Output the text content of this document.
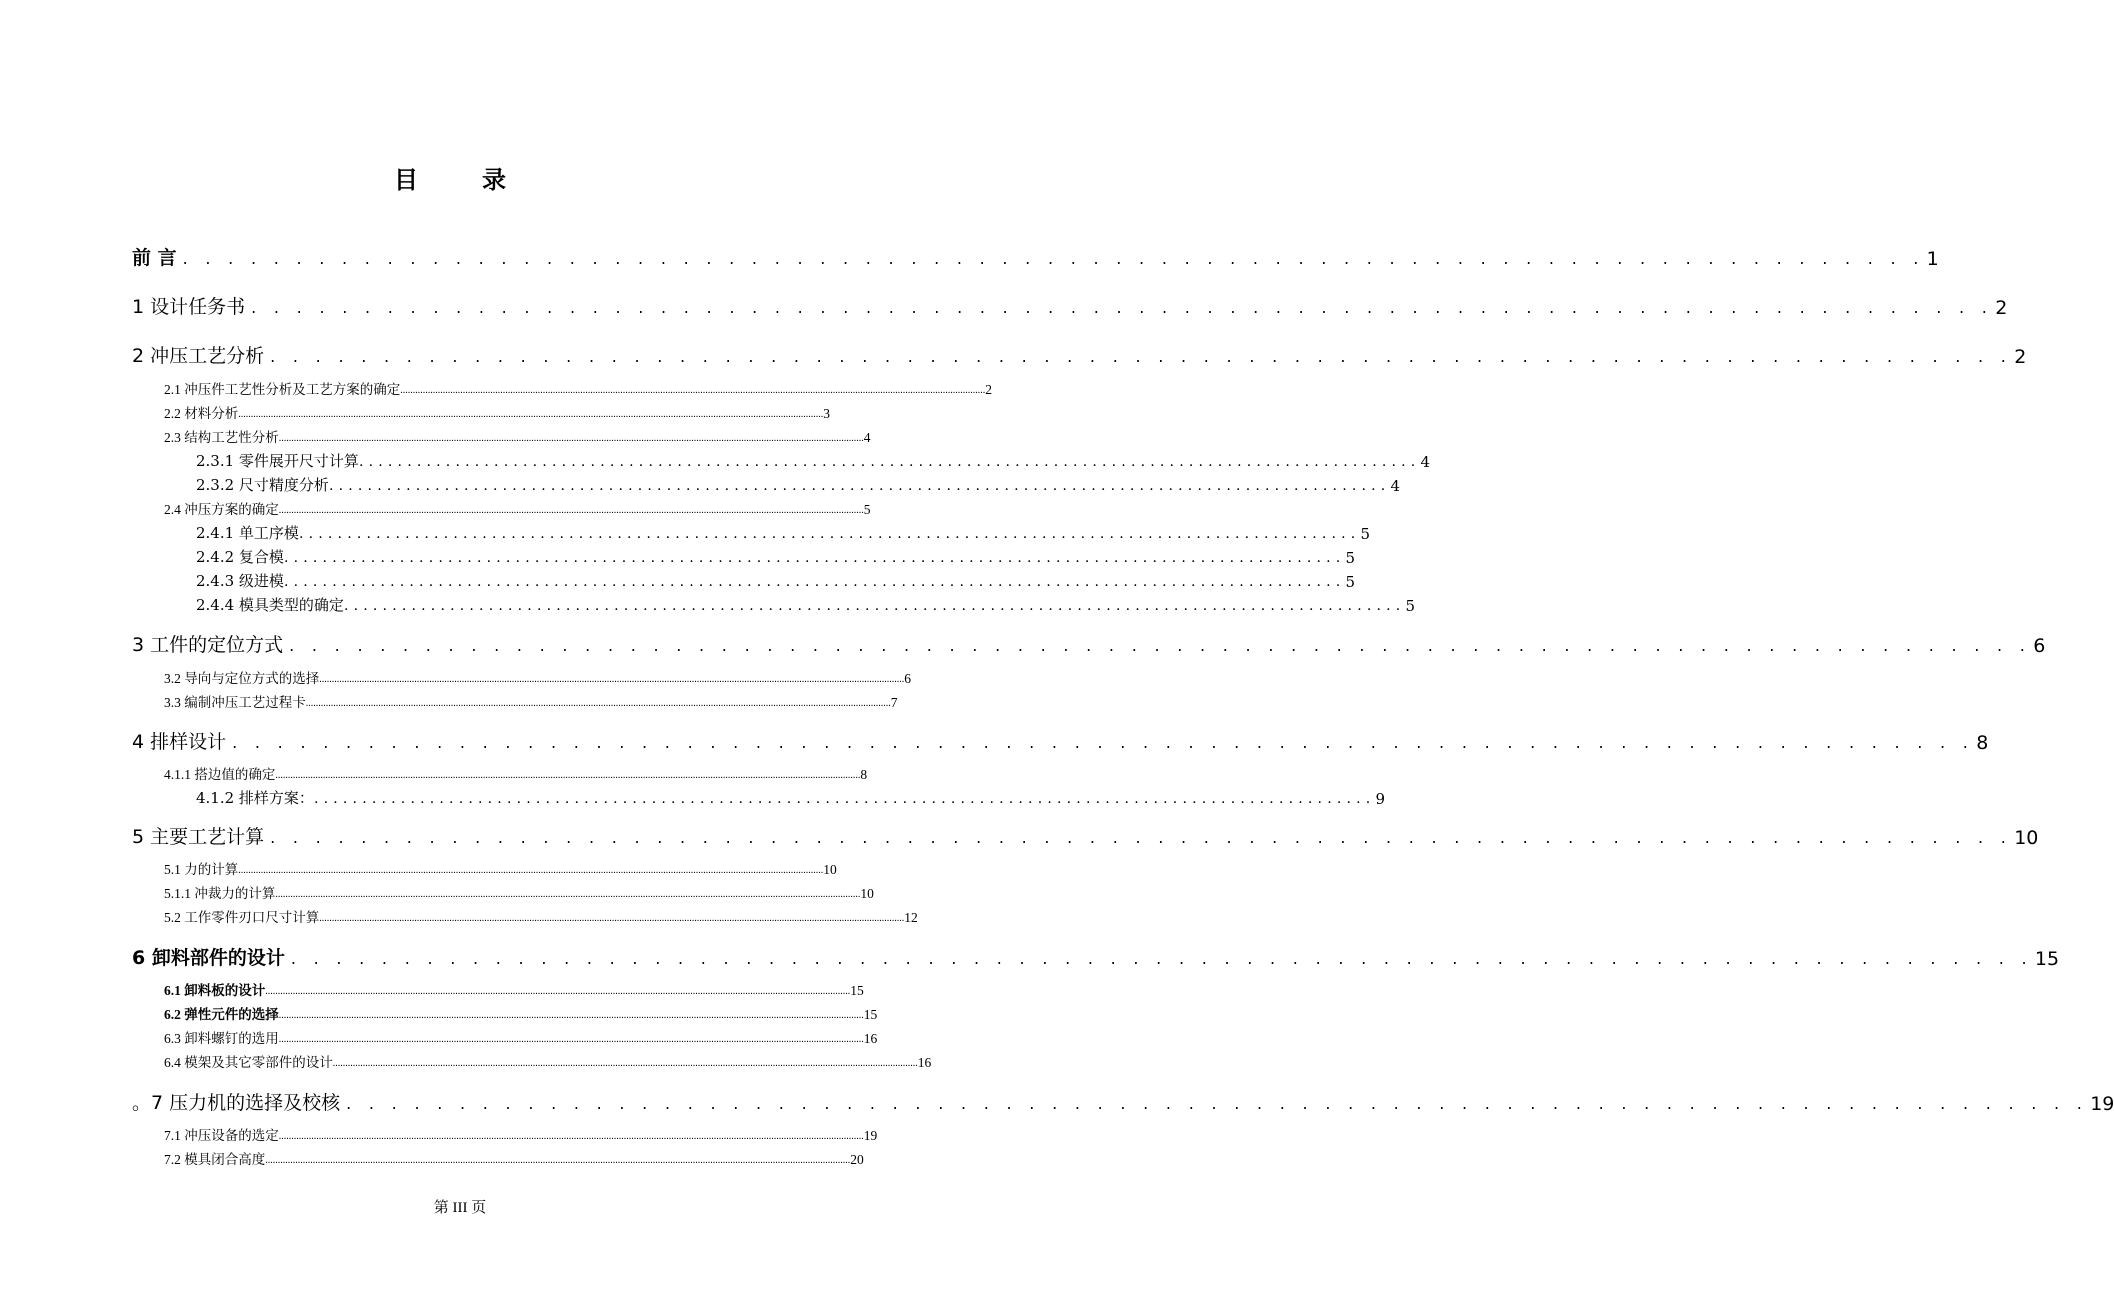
目　录
前 言 . . . . . . . . . . . . . . . . . . . . . . . . . . . . . . . . . . . . . . . . . . . . . . . . . . . . . . . . . . . . . . . . . . . . . . . . . . . . . 1
1 设计任务书 . . . . . . . . . . . . . . . . . . . . . . . . . . . . . . . . . . . . . . . . . . . . . . . . . . . . . . . . . . . . . . . . . . . . . . . . . . . . . 2
2 冲压工艺分析 . . . . . . . . . . . . . . . . . . . . . . . . . . . . . . . . . . . . . . . . . . . . . . . . . . . . . . . . . . . . . . . . . . . . . . . . . . . . . 2
2.1 冲压件工艺性分析及工艺方案的确定 .......................................................................................................................................................................................................................................... 2
2.2 材料分析 .......................................................................................................................................................................................................................................... 3
2.3 结构工艺性分析 .......................................................................................................................................................................................................................................... 4
2.3.1 零件展开尺寸计算 .............................................................................................................. 4
2.3.2 尺寸精度分析 .............................................................................................................. 4
2.4 冲压方案的确定 .......................................................................................................................................................................................................................................... 5
2.4.1 单工序模 .............................................................................................................. 5
2.4.2 复合模 .............................................................................................................. 5
2.4.3 级进模 .............................................................................................................. 5
2.4.4 模具类型的确定 .............................................................................................................. 5
3 工件的定位方式 . . . . . . . . . . . . . . . . . . . . . . . . . . . . . . . . . . . . . . . . . . . . . . . . . . . . . . . . . . . . . . . . . . . . . . . . . . . . . 6
3.2 导向与定位方式的选择 .......................................................................................................................................................................................................................................... 6
3.3 编制冲压工艺过程卡 .......................................................................................................................................................................................................................................... 7
4 排样设计 . . . . . . . . . . . . . . . . . . . . . . . . . . . . . . . . . . . . . . . . . . . . . . . . . . . . . . . . . . . . . . . . . . . . . . . . . . . . . 8
4.1.1 搭边值的确定 .......................................................................................................................................................................................................................................... 8
4.1.2 排样方案： .............................................................................................................. 9
5 主要工艺计算 . . . . . . . . . . . . . . . . . . . . . . . . . . . . . . . . . . . . . . . . . . . . . . . . . . . . . . . . . . . . . . . . . . . . . . . . . . . . . 10
5.1 力的计算 .......................................................................................................................................................................................................................................... 10
5.1.1 冲裁力的计算 .......................................................................................................................................................................................................................................... 10
5.2 工作零件刃口尺寸计算 .......................................................................................................................................................................................................................................... 12
6 卸料部件的设计 . . . . . . . . . . . . . . . . . . . . . . . . . . . . . . . . . . . . . . . . . . . . . . . . . . . . . . . . . . . . . . . . . . . . . . . . . . . . . 15
6.1 卸料板的设计 .......................................................................................................................................................................................................................................... 15
6.2 弹性元件的选择 .......................................................................................................................................................................................................................................... 15
6.3 卸料螺钉的选用 .......................................................................................................................................................................................................................................... 16
6.4 模架及其它零部件的设计 .......................................................................................................................................................................................................................................... 16
。7 压力机的选择及校核 . . . . . . . . . . . . . . . . . . . . . . . . . . . . . . . . . . . . . . . . . . . . . . . . . . . . . . . . . . . . . . . . . . . . . . . . . . . . . 19
7.1 冲压设备的选定 .......................................................................................................................................................................................................................................... 19
7.2 模具闭合高度 .......................................................................................................................................................................................................................................... 20
第 III 页
